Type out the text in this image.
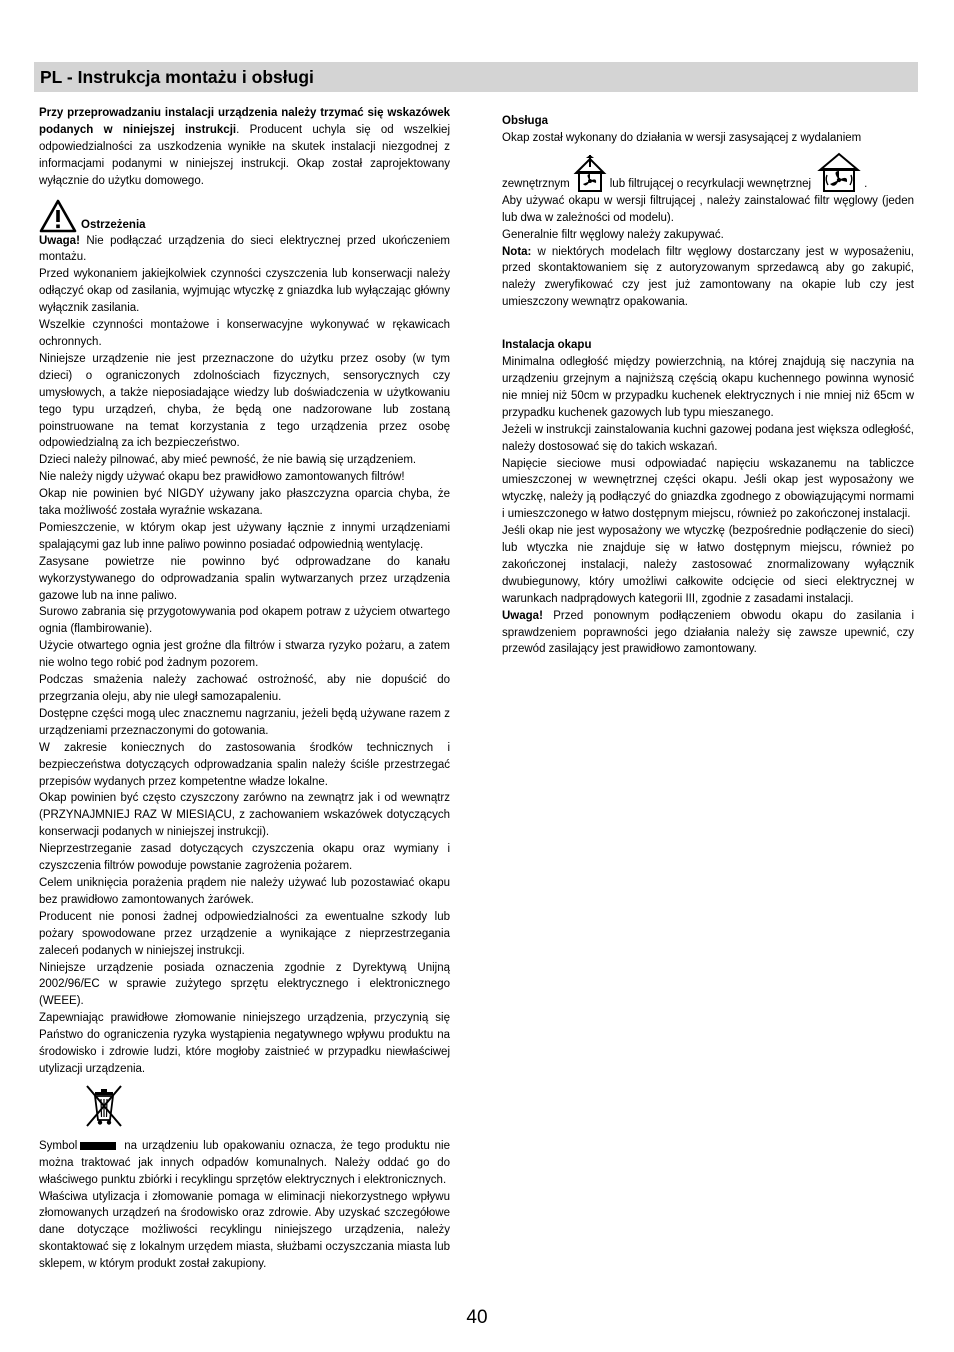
PL - Instrukcja montażu i obsługi

Przy przeprowadzaniu instalacji urządzenia należy trzymać się wskazówek podanych w niniejszej instrukcji. Producent uchyla się od wszelkiej odpowiedzialności za uszkodzenia wynikłe na skutek instalacji niezgodnej z informacjami podanymi w niniejszej instrukcji. Okap został zaprojektowany wyłącznie do użytku domowego.

Ostrzeżenia

Uwaga! Nie podłączać urządzenia do sieci elektrycznej przed ukończeniem montażu.

Przed wykonaniem jakiejkolwiek czynności czyszczenia lub konserwacji należy odłączyć okap od zasilania, wyjmując wtyczkę z gniazdka lub wyłączając główny wyłącznik zasilania.

Wszelkie czynności montażowe i konserwacyjne wykonywać w rękawicach ochronnych.

Niniejsze urządzenie nie jest przeznaczone do użytku przez osoby (w tym dzieci) o ograniczonych zdolnościach fizycznych, sensorycznych czy umysłowych, a także nieposiadające wiedzy lub doświadczenia w użytkowaniu tego typu urządzeń, chyba, że będą one nadzorowane lub zostaną poinstruowane na temat korzystania z tego urządzenia przez osobę odpowiedzialną za ich bezpieczeństwo.

Dzieci należy pilnować, aby mieć pewność, że nie bawią się urządzeniem.

Nie należy nigdy używać okapu bez prawidłowo zamontowanych filtrów!

Okap nie powinien być NIGDY używany jako płaszczyzna oparcia chyba, że taka możliwość została wyraźnie wskazana.

Pomieszczenie, w którym okap jest używany łącznie z innymi urządzeniami spalającymi gaz lub inne paliwo powinno posiadać odpowiednią wentylację.

Zasysane powietrze nie powinno być odprowadzane do kanału wykorzystywanego do odprowadzania spalin wytwarzanych przez urządzenia gazowe lub na inne paliwo.

Surowo zabrania się przygotowywania pod okapem potraw z użyciem otwartego ognia (flambirowanie).

Użycie otwartego ognia jest groźne dla filtrów i stwarza ryzyko pożaru, a zatem nie wolno tego robić pod żadnym pozorem.

Podczas smażenia należy zachować ostrożność, aby nie dopuścić do przegrzania oleju, aby nie uległ samozapaleniu.

Dostępne części mogą ulec znacznemu nagrzaniu, jeżeli będą używane razem z urządzeniami przeznaczonymi do gotowania.

W zakresie koniecznych do zastosowania środków technicznych i bezpieczeństwa dotyczących odprowadzania spalin należy ściśle przestrzegać przepisów wydanych przez kompetentne władze lokalne.

Okap powinien być często czyszczony zarówno na zewnątrz jak i od wewnątrz (PRZYNAJMNIEJ RAZ W MIESIĄCU, z zachowaniem wskazówek dotyczących konserwacji podanych w niniejszej instrukcji).

Nieprzestrzeganie zasad dotyczących czyszczenia okapu oraz wymiany i czyszczenia filtrów powoduje powstanie zagrożenia pożarem.

Celem uniknięcia porażenia prądem nie należy używać lub pozostawiać okapu bez prawidłowo zamontowanych żarówek.

Producent nie ponosi żadnej odpowiedzialności za ewentualne szkody lub pożary spowodowane przez urządzenie a wynikające z nieprzestrzegania zaleceń podanych w niniejszej instrukcji.

Niniejsze urządzenie posiada oznaczenia zgodnie z Dyrektywą Unijną 2002/96/EC w sprawie zużytego sprzętu elektrycznego i elektronicznego (WEEE).

Zapewniając prawidłowe złomowanie niniejszego urządzenia, przyczynią się Państwo do ograniczenia ryzyka wystąpienia negatywnego wpływu produktu na środowisko i zdrowie ludzi, które mogłoby zaistnieć w przypadku niewłaściwej utylizacji urządzenia.

Symbol	na urządzeniu lub opakowaniu oznacza, że tego produktu nie można traktować jak innych odpadów komunalnych. Należy oddać go do właściwego punktu zbiórki i recyklingu sprzętów elektrycznych i elektronicznych.

Właściwa utylizacja i złomowanie pomaga w eliminacji niekorzystnego wpływu złomowanych urządzeń na środowisko oraz zdrowie. Aby uzyskać szczegółowe dane dotyczące możliwości recyklingu niniejszego urządzenia, należy skontaktować się z lokalnym urzędem miasta, służbami oczyszczania miasta lub sklepem, w którym produkt został zakupiony.

Obsługa

Okap został wykonany do działania w wersji zasysającej z wydalaniem

zewnętrznym	lub filtrującej o recyrkulacji wewnętrznej	.

Aby używać okapu w wersji filtrującej , należy zainstalować filtr węglowy (jeden lub dwa w zależności od modelu).

Generalnie filtr węglowy należy zakupywać.

Nota: w niektórych modelach filtr węglowy dostarczany jest w wyposażeniu, przed skontaktowaniem się z autoryzowanym sprzedawcą aby go zakupić, należy zweryfikować czy jest już zamontowany na okapie lub czy jest umieszczony wewnątrz opakowania.

Instalacja okapu

Minimalna odległość między powierzchnią, na której znajdują się naczynia na urządzeniu grzejnym a najniższą częścią okapu kuchennego powinna wynosić nie mniej niż 50cm w przypadku kuchenek elektrycznych i nie mniej niż 65cm w przypadku kuchenek gazowych lub typu mieszanego.

Jeżeli w instrukcji zainstalowania kuchni gazowej podana jest większa odległość, należy dostosować się do takich wskazań.

Napięcie sieciowe musi odpowiadać napięciu wskazanemu na tabliczce umieszczonej w wewnętrznej części okapu. Jeśli okap jest wyposażony we wtyczkę, należy ją podłączyć do gniazdka zgodnego z obowiązującymi normami i umieszczonego w łatwo dostępnym miejscu, również po zakończonej instalacji.

Jeśli okap nie jest wyposażony we wtyczkę (bezpośrednie podłączenie do sieci) lub wtyczka nie znajduje się w łatwo dostępnym miejscu, również po zakończonej instalacji, należy zastosować znormalizowany wyłącznik dwubiegunowy, który umożliwi całkowite odcięcie od sieci elektrycznej w warunkach nadprądowych kategorii III, zgodnie z zasadami instalacji.

Uwaga! Przed ponownym podłączeniem obwodu okapu do zasilania i sprawdzeniem poprawności jego działania należy się zawsze upewnić, czy przewód zasilający jest prawidłowo zamontowany.

40
